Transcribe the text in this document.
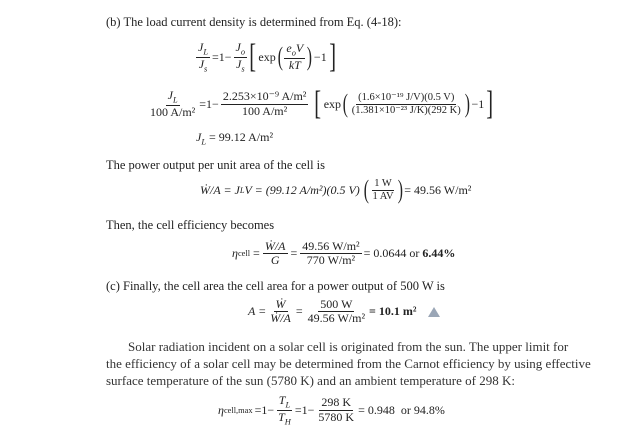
(b) The load current density is determined from Eq. (4-18):
$\frac{J_L}{J_s} =1- \frac{J_o}{J_s}$ [ exp ( $\frac{e_oV}{kT}$ ) −1 ]
$\frac{J_L}{\text{100 A/m²}} =1- \frac{\text{2.253×10⁻⁹ A/m²}}{\text{100 A/m²}}$ [ exp ( $\frac{\text{(1.6×10⁻¹⁹ J/V)(0.5 V)}}{\text{(1.381×10⁻²³ J/K)(292 K)}}$ ) −1 ]
$J_L = 99.12$ A/m²
The power output per unit area of the cell is
Ẇ/A = J L V = (99.12 A/m²)(0.5 V) ( $\frac{1 W}{1 AV}$ ) = 49.56 W/m²
Then, the cell efficiency becomes
η cell = $\frac{\text{Ẇ/A}}{G} = \frac{\text{49.56 W/m²}}{\text{770 W/m²}} = 0.0644$ or 6.44%
(c) Finally, the cell area the cell area for a power output of 500 W is
$A = \frac{\text{Ẇ}}{\text{Ẇ/A}} = \frac{500 W}{\text{49.56 W/m²}} = 10.1$ m²
Solar radiation incident on a solar cell is originated from the sun. The upper limit for
the efficiency of a solar cell may be determined from the Carnot efficiency by using effective
surface temperature of the sun (5780 K) and an ambient temperature of 298 K:
η cell,max $=1- \frac{T_L}{T_H} =1- \frac{298 K}{5780 K} = 0.948$  or 94.8%
